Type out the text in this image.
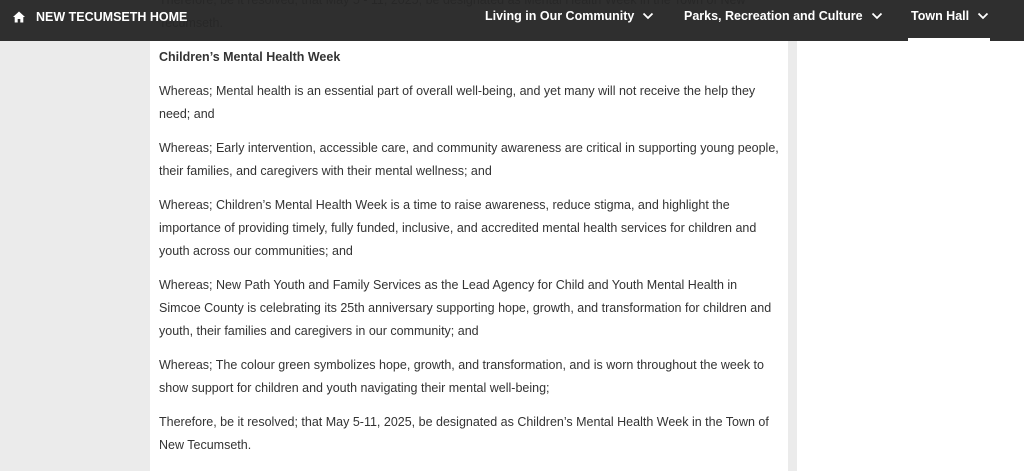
Children’s Mental Health Week

Whereas; Mental health is an essential part of overall well-being, and yet many will not receive the help they need; and

Whereas; Early intervention, accessible care, and community awareness are critical in supporting young people, their families, and caregivers with their mental wellness; and

Whereas; Children’s Mental Health Week is a time to raise awareness, reduce stigma, and highlight the importance of providing timely, fully funded, inclusive, and accredited mental health services for children and youth across our communities; and

Whereas; New Path Youth and Family Services as the Lead Agency for Child and Youth Mental Health in Simcoe County is celebrating its 25th anniversary supporting hope, growth, and transformation for children and youth, their families and caregivers in our community; and

Whereas; The colour green symbolizes hope, growth, and transformation, and is worn throughout the week to show support for children and youth navigating their mental well-being;

Therefore, be it resolved; that May 5-11, 2025, be designated as Children’s Mental Health Week in the Town of New Tecumseth.

NEW TECUMSETH HOME	Living in Our Community	Parks, Recreation and Culture	Town Hall
